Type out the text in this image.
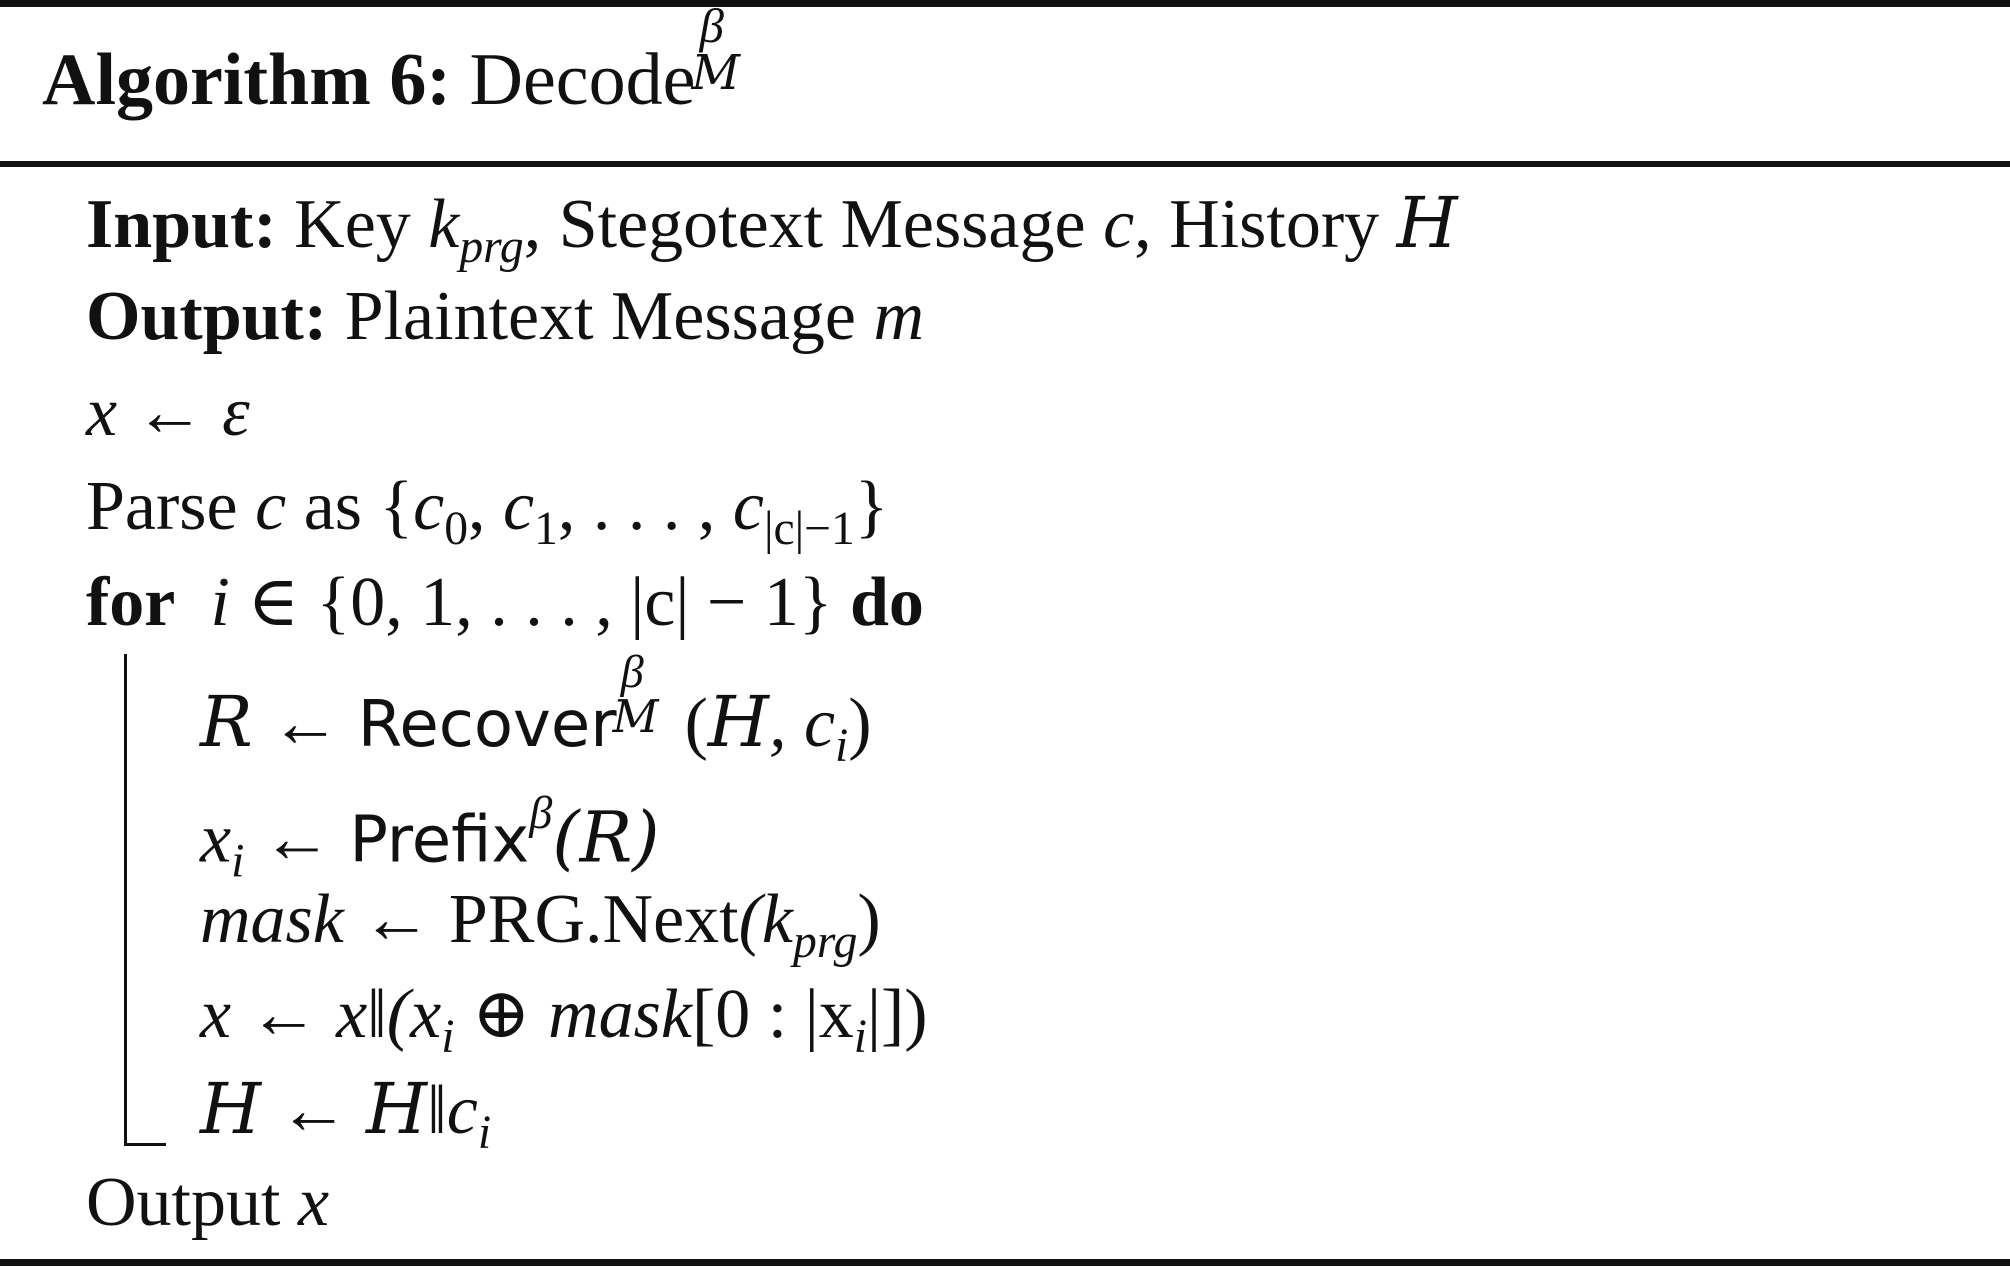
Algorithm 6: Decode
β
M
Input: Key $k_{prg}$, Stegotext Message c, History H
Output: Plaintext Message m
x ← ε
Parse c as {$c_0$, $c_1$, . . . , $c_{|c|-1}$}
for i ∈ {0, 1, . . . , |c| − 1} do
R ← Recover
β
M (H, $c_i$)
$x_i$ ← Prefix$^\beta$(R)
mask ← $PRG.Next(k_{prg})$
x ← $x‖(x_i$ ⊕ mask[0 : $|x_i|$])
H ← $H‖c_i$
Output x
